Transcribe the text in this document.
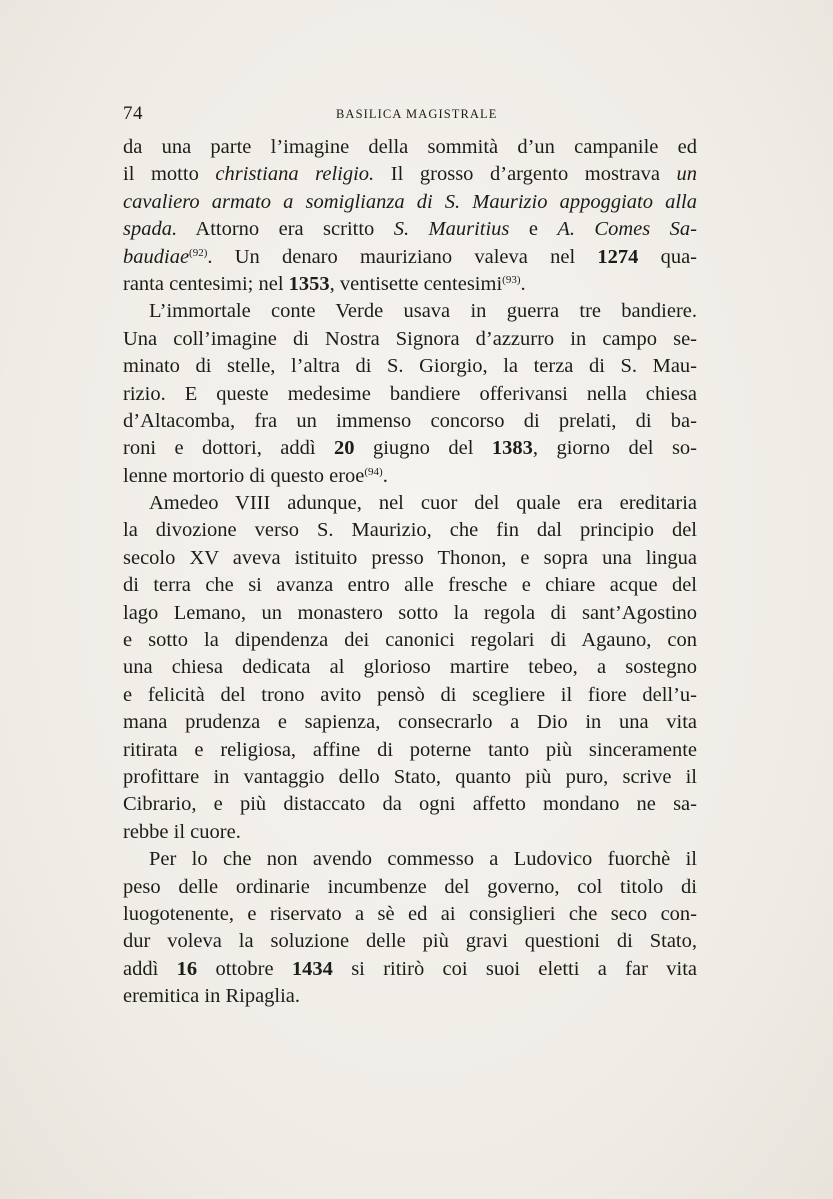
74	BASILICA MAGISTRALE
da una parte l’imagine della sommità d’un campanile ed
il motto christiana religio. Il grosso d’argento mostrava un
cavaliero armato a somiglianza di S. Maurizio appoggiato alla
spada. Attorno era scritto S. Mauritius e A. Comes Sa-
baudiae$^{(92)}$. Un denaro mauriziano valeva nel 1274 qua-
ranta centesimi; nel 1353, ventisette centesimi$^{(93)}$.
L’immortale conte Verde usava in guerra tre bandiere.
Una coll’imagine di Nostra Signora d’azzurro in campo se-
minato di stelle, l’altra di S. Giorgio, la terza di S. Mau-
rizio. E queste medesime bandiere offerivansi nella chiesa
d’Altacomba, fra un immenso concorso di prelati, di ba-
roni e dottori, addì 20 giugno del 1383, giorno del so-
lenne mortorio di questo eroe$^{(94)}$.
Amedeo VIII adunque, nel cuor del quale era ereditaria
la divozione verso S. Maurizio, che fin dal principio del
secolo XV aveva istituito presso Thonon, e sopra una lingua
di terra che si avanza entro alle fresche e chiare acque del
lago Lemano, un monastero sotto la regola di sant’Agostino
e sotto la dipendenza dei canonici regolari di Agauno, con
una chiesa dedicata al glorioso martire tebeo, a sostegno
e felicità del trono avito pensò di scegliere il fiore dell’u-
mana prudenza e sapienza, consecrarlo a Dio in una vita
ritirata e religiosa, affine di poterne tanto più sinceramente
profittare in vantaggio dello Stato, quanto più puro, scrive il
Cibrario, e più distaccato da ogni affetto mondano ne sa-
rebbe il cuore.
Per lo che non avendo commesso a Ludovico fuorchè il
peso delle ordinarie incumbenze del governo, col titolo di
luogotenente, e riservato a sè ed ai consiglieri che seco con-
dur voleva la soluzione delle più gravi questioni di Stato,
addì 16 ottobre 1434 si ritirò coi suoi eletti a far vita
eremitica in Ripaglia.
